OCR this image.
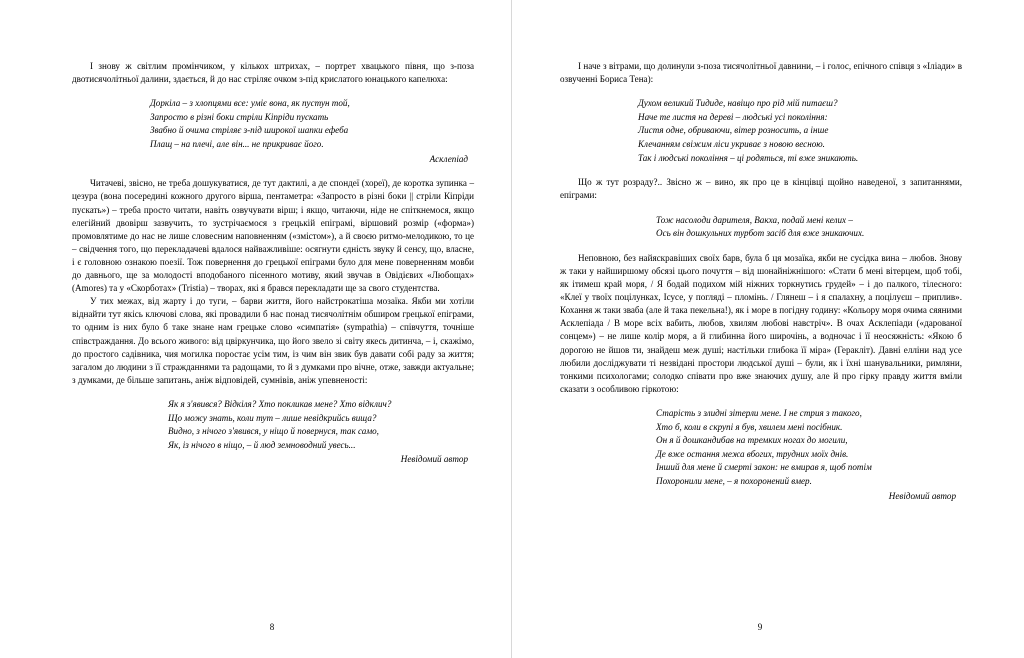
І знову ж світлим промінчиком, у кількох штрихах, – портрет хвацького півня, що з-поза двотисячолітньої далини, здається, й до нас стріляє очком з-під крислатого юнацького капелюха:

Доркіла – з хлопцями все: уміє вона, як пустун той,
Запросто в різні боки стріли Кіпріди пускать
Звабно й очима стріляє з-під широкої шапки ефеба
Плащ – на плечі, але він... не прикриває його.
Асклепіад

Читачеві, звісно, не треба дошукуватися, де тут дактилі, а де спондеї (хореї), де коротка зупинка – цезура (вона посередині кожного другого вірша, пентаметра: «Запросто в різні боки || стріли Кіпріди пускать») – треба просто читати, навіть озвучувати вірш; і якщо, читаючи, ніде не спіткнемося, якщо елегійний двовірш зазвучить, то зустрічаємося з грецькій епіграмі, віршовий розмір («форма») промовлятиме до нас не лише словесним наповненням («змістом»), а й своєю ритмо-мелодикою, то це – свідчення того, що перекладачеві вдалося найважливіше: осягнути єдність звуку й сенсу, що, власне, і є головною ознакою поезії. Тож повернення до грецької епіграми було для мене поверненням мовби до давнього, ще за молодості вподобаного пісенного мотиву, який звучав в Овідієвих «Любощах» (Amores) та у «Скорботах» (Tristia) – творах, які я брався перекладати ще за свого студентства.

У тих межах, від жарту і до туги, – барви життя, його найстрокатіша мозаїка. Якби ми хотіли віднайти тут якісь ключові слова, які провадили б нас понад тисячолітнім обширом грецької епіграми, то одним із них було б таке знане нам грецьке слово «симпатія» (sympathia) – співчуття, точніше співстраждання. До всього живого: від цвіркунчика, що його звело зі світу якесь дитинча, – і, скажімо, до простого садівника, чия могилка поростає усім тим, із чим він звик був давати собі раду за життя; загалом до людини з її стражданнями та радощами, то й з думками про вічне, отже, завжди актуальне; з думками, де більше запитань, аніж відповідей, сумнівів, аніж упевненості:

Як я з'явився? Відкіля? Хто покликав мене? Хто відклич?
Що можу знать, коли тут – лише невідкрийсь вища?
Видно, з нічого з'явився, у ніщо й повернуся, так само,
Як, із нічого в ніщо, – й люд земноводний увесь...
Невідомий автор
8

І наче з вітрами, що долинули з-поза тисячолітньої давнини, – і голос, епічного співця з «Іліади» в озвученні Бориса Тена):

Духом великий Тидиде, навіщо про рід мій питаєш?
Наче те листя на дереві – людські усі покоління:
Листя одне, обриваючи, вітер розносить, а інше
Клечанням свіжим ліси укриває з новою весною.
Так і людські покоління – ці родяться, ті вже зникають.

Що ж тут розраду?.. Звісно ж – вино, як про це в кінцівці щойно наведеної, з запитаннями, епіграми:

Тож насолоди дарителя, Вакха, подай мені келих –
Ось він дошкульних турбот засіб для вже зникаючих.

Неповною, без найяскравіших своїх барв, була б ця мозаїка, якби не сусідка вина – любов. Знову ж таки у найширшому обсязі цього почуття – від шонайніжнішого: «Стати б мені вітерцем, щоб тобі, як ітимеш край моря, / Я бодай подихом мій ніжних торкнутись грудей» – і до палкого, тілесного: «Клеї у твоїх поцілунках, Ісусе, у погляді – пломінь. / Глянеш – і я спалахну, а поцілуєш – приплив». Кохання ж таки зваба (але й така пекельна!), як і море в погідну годину: «Кольору моря очима сяяними Асклепіада / В море всіх вабить, любов, хвилям любові навстріч». В очах Асклепіади («дарованої сонцем») – не лише колір моря, а й глибинна його широчінь, а водночас і її неосяжність: «Якою б дорогою не йшов ти, знайдеш меж душі; настільки глибока її міра» (Геракліт). Давні елліни над усе любили досліджувати ті незвідані простори людської душі – були, як і їхні шанувальники, римляни, тонкими психологами; солодко співати про вже знаючих душу, але й про гірку правду життя вміли сказати з особливою гіркотою:

Старість з злидні зітерли мене. І не стрия з такого,
Хто б, коли в скрупі я був, хвилем мені посібник.
Он я й дошкандибав на тремких ногах до могили,
Де вже остання межа вбогих, трудних моїх днів.
Інший для мене й смерті закон: не вмирав я, щоб потім
Похоронили мене, – я похоронений вмер.
Невідомий автор
9
